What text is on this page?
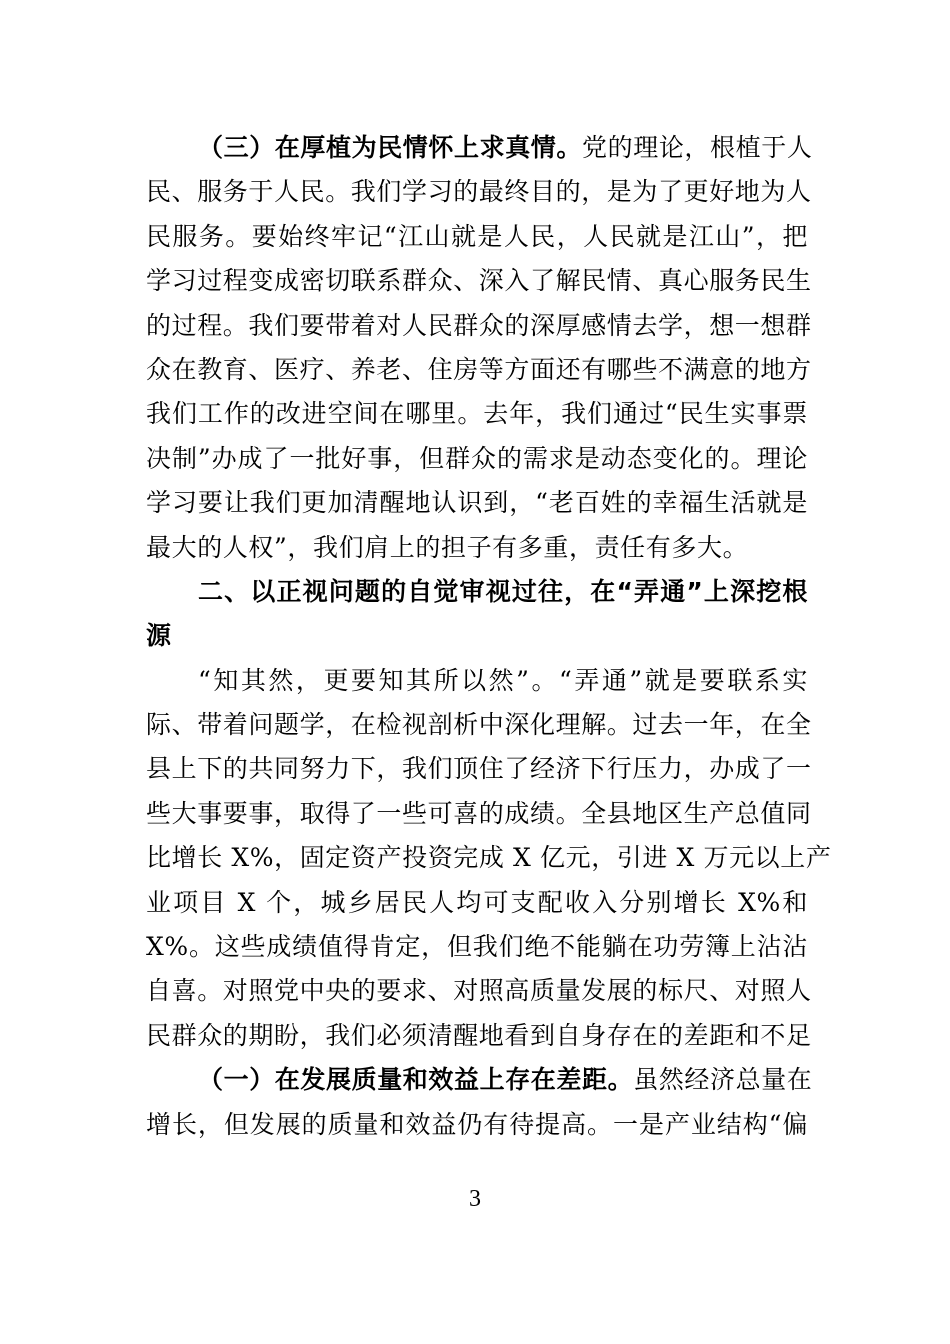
（三）在厚植为民情怀上求真情。党的理论，根植于人
民、服务于人民。我们学习的最终目的，是为了更好地为人
民服务。要始终牢记“江山就是人民，人民就是江山”，把
学习过程变成密切联系群众、深入了解民情、真心服务民生
的过程。我们要带着对人民群众的深厚感情去学，想一想群
众在教育、医疗、养老、住房等方面还有哪些不满意的地方
我们工作的改进空间在哪里。去年，我们通过“民生实事票
决制”办成了一批好事，但群众的需求是动态变化的。理论
学习要让我们更加清醒地认识到，“老百姓的幸福生活就是
最大的人权”，我们肩上的担子有多重，责任有多大。
二、以正视问题的自觉审视过往，在“弄通”上深挖根
源
“知其然，更要知其所以然”。“弄通”就是要联系实
际、带着问题学，在检视剖析中深化理解。过去一年，在全
县上下的共同努力下，我们顶住了经济下行压力，办成了一
些大事要事，取得了一些可喜的成绩。全县地区生产总值同
比增长 X%，固定资产投资完成 X 亿元，引进 X 万元以上产
业项目 X 个，城乡居民人均可支配收入分别增长 X%和
X%。这些成绩值得肯定，但我们绝不能躺在功劳簿上沾沾
自喜。对照党中央的要求、对照高质量发展的标尺、对照人
民群众的期盼，我们必须清醒地看到自身存在的差距和不足
（一）在发展质量和效益上存在差距。虽然经济总量在
增长，但发展的质量和效益仍有待提高。一是产业结构“偏
3
